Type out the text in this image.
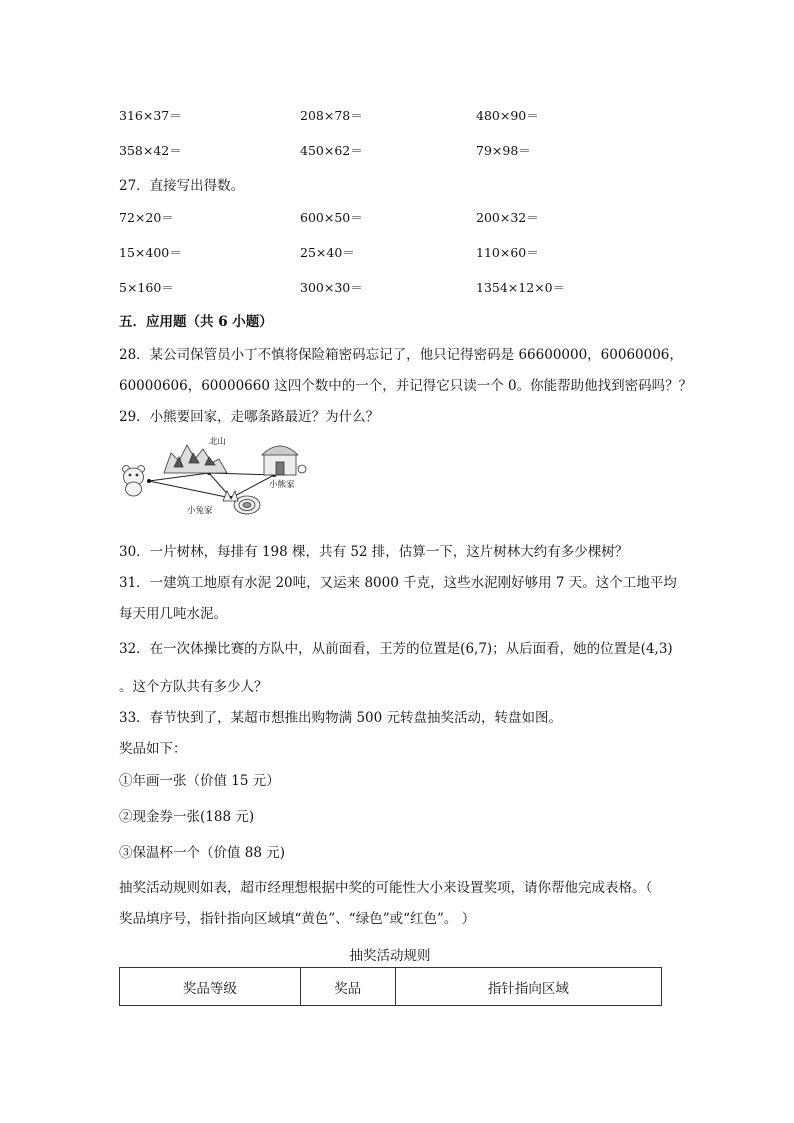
316×37＝	208×78＝	480×90＝
358×42＝	450×62＝	79×98＝
27．直接写出得数。
72×20＝	600×50＝	200×32＝
15×400＝	25×40＝	110×60＝
5×160＝	300×30＝	1354×12×0＝
五．应用题（共 6 小题）
28．某公司保管员小丁不慎将保险箱密码忘记了，他只记得密码是 66600000，60060006，
60000606，60000660 这四个数中的一个，并记得它只读一个 0。你能帮助他找到密码吗？？
29．小熊要回家，走哪条路最近？为什么？
北山
小熊家
小兔家
30．一片树林，每排有 198 棵，共有 52 排，估算一下，这片树林大约有多少棵树？
31．一建筑工地原有水泥 20吨，又运来 8000 千克，这些水泥刚好够用 7 天。这个工地平均
每天用几吨水泥。
32．在一次体操比赛的方队中，从前面看，王芳的位置是(6,7)；从后面看，她的位置是(4,3)
。这个方队共有多少人？
33．春节快到了，某超市想推出购物满 500 元转盘抽奖活动，转盘如图。
奖品如下：
①年画一张（价值 15 元）
②现金券一张(188 元)
③保温杯一个（价值 88 元)
抽奖活动规则如表，超市经理想根据中奖的可能性大小来设置奖项，请你帮他完成表格。（
奖品填序号，指针指向区域填“黄色”、“绿色”或“红色”。 ）
抽奖活动规则
奖品等级	奖品	指针指向区域
